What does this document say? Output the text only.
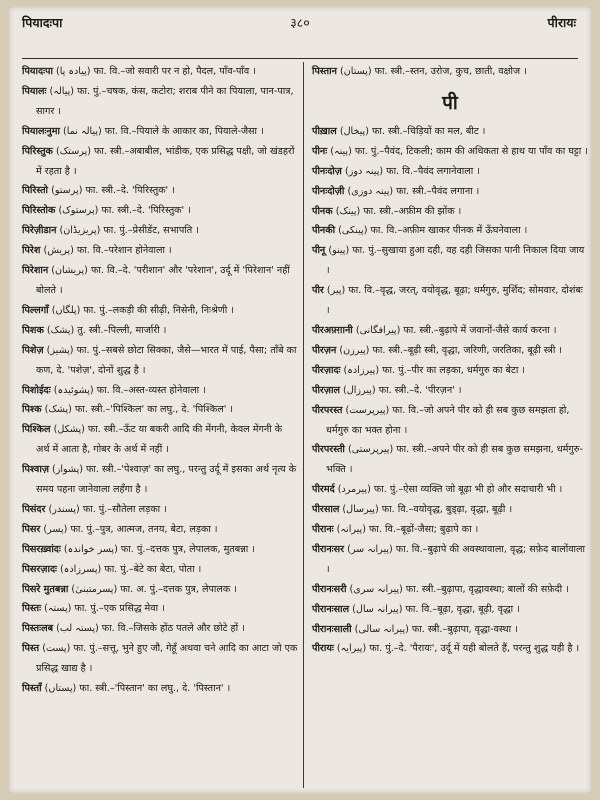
पियादःपा	३८०	पीरायः
पियादःपा (پیادہ پا) फा. वि.–जो सवारी पर न हो, पैदल, पाँव-पाँव ।
पियालः (پیالہ) फा. पुं.–चषक, कंस, कटोरा; शराब पीने का पियाला, पान-पात्र, सागर ।
पियालःनुमा (پیالہ نما) फा. वि.–पियाले के आकार का, पियाले-जैसा ।
पिरिस्तुक (پرستک) फा. स्त्री.–अबाबील, भांडीक, एक प्रसिद्ध पक्षी, जो खंडहरों में रहता है ।
पिरिस्तो (پرستو) फा. स्त्री.–दे. 'पिरिस्तुक' ।
पिरिस्तोक (پرستوک) फा. स्त्री.–दे. 'पिरिस्तुक' ।
पिरेज़ीडान (پریزیڈان) फा. पुं.–प्रेसीडेंट, सभापति ।
पिरेश (پریش) फा. वि.–परेशान होनेवाला ।
पिरेशान (پریشان) फा. वि.–दे. 'परीशान' और 'परेशान', उर्दू में 'पिरेशान' नहीं बोलते ।
पिल्लगाँ (پلگاں) फा. पुं.–लकड़ी की सीढ़ी, निसेनी, निःश्रेणी ।
पिशक (پشک) तु. स्त्री.–पिल्ली, मार्जारी ।
पिशेज़ (پشیز) फा. पुं.–सबसे छोटा सिक्का, जैसे—भारत में पाई, पैसा; ताँबे का कण, दे. 'पशेज़', दोनों शुद्ध है ।
पिशोईदः (پشوئیدہ) फा. वि.–अस्त-व्यस्त होनेवाला ।
पिश्क (پشک) फा. स्त्री.–'पिश्किल' का लघु., दे. 'पिश्किल' ।
पिश्किल (پشکل) फा. स्त्री.–ऊँट या बकरी आदि की मेंगनी, केवल मेंगनी के अर्थ में आता है, गोबर के अर्थ में नहीं ।
पिश्वाज़ (پشواز) फा. स्त्री.–'पेश्वाज़' का लघु., परन्तु उर्दू में इसका अर्थ नृत्य के समय पहना जानेवाला लहँगा है ।
पिसंदर (پسندر) फा. पुं.–सौतेला लड़का ।
पिसर (پسر) फा. पुं.–पुत्र, आत्मज, तनय, बेटा, लड़का ।
पिसरख़्वांदः (پسر خواندہ) फा. पुं.–दत्तक पुत्र, लेपालक, मुतबन्ना ।
पिसरज़ादः (پسرزادہ) फा. पुं.–बेटे का बेटा, पोता ।
पिसरे मुतबन्ना (پسرمتبنیٰ) फा. अ. पुं.–दत्तक पुत्र, लेपालक ।
पिस्तः (پستہ) फा. पुं.–एक प्रसिद्ध मेवा ।
पिस्तःलब (پستہ لب) फा. वि.–जिसके होंठ पतले और छोटे हों ।
पिस्त (پست) फा. पुं.–सत्तू, भुने हुए जौ, गेहूँ अथवा चने आदि का आटा जो एक प्रसिद्ध खाद्य है ।
पिस्ताँ (پستاں) फा. स्त्री.–'पिस्तान' का लघु., दे. 'पिस्तान' ।
पिस्तान (پستان) फा. स्त्री.–स्तन, उरोज, कुच, छाती, वक्षोज ।
पी
पीख़ाल (پیخال) फा. स्त्री.–चिड़ियों का मल, बीट ।
पीनः (پینہ) फा. पुं.–पैवंद, टिकली; काम की अधिकता से हाथ या पाँव का घट्टा ।
पीनःदोज़ (پینہ دوز) फा. वि.–पैवंद लगानेवाला ।
पीनःदोज़ी (پینہ دوزی) फा. स्त्री.–पैवंद लगाना ।
पीनक (پینک) फा. स्त्री.–अफ़ीम की झोंक ।
पीनकी (پینکی) फा. वि.–अफ़ीम खाकर पीनक में ऊँघनेवाला ।
पीनू (پینو) फा. पुं.–सुखाया हुआ दही, वह दही जिसका पानी निकाल दिया जाय ।
पीर (پیر) फा. वि.–वृद्ध, जरत्, वयोवृद्ध, बूढ़ा; धर्मगुरु, मुर्शिद; सोमवार, दोशंबः ।
पीरअफ़्ग़ानी (پیرافگانی) फा. स्त्री.–बुढ़ापे में जवानों-जैसे कार्य करना ।
पीरज़न (پیرزن) फा. स्त्री.–बूढ़ी स्त्री, वृद्धा, जरिणी, जरतिका, बूढ़ी स्त्री ।
पीरज़ादः (پیرزادہ) फा. पुं.–पीर का लड़का, धर्मगुरु का बेटा ।
पीरज़ाल (پیرزال) फा. स्त्री.–दे. 'पीरज़न' ।
पीरपरस्त (پیرپرست) फा. वि.–जो अपने पीर को ही सब कुछ समझता हो, धर्मगुरु का भक्त होना ।
पीरपरस्ती (پیرپرستی) फा. स्त्री.–अपने पीर को ही सब कुछ समझना, धर्मगुरु-भक्ति ।
पीरमर्द (پیرمرد) फा. पुं.–ऐसा व्यक्ति जो बूढ़ा भी हो और सदाचारी भी ।
पीरसाल (پیرسال) फा. वि.–वयोवृद्ध, बुड्ढ़ा, वृद्धा, बूढ़ी ।
पीरानः (پیرانہ) फा. वि.–बूढ़ों-जैसा; बुढ़ापे का ।
पीरानःसर (پیرانہ سر) फा. वि.–बुढ़ापे की अवस्थावाला, वृद्ध; सफ़ेद बालोंवाला ।
पीरानःसरी (پیرانہ سری) फा. स्त्री.–बुढ़ापा, वृद्धावस्था; बालों की सफ़ेदी ।
पीरानःसाल (پیرانہ سال) फा. वि.–बूढ़ा, वृद्धा, बूढ़ी, वृद्धा ।
पीरानःसाली (پیرانہ سالی) फा. स्त्री.–बुढ़ापा, वृद्धा-वस्था ।
पीरायः (پیرایہ) फा. पुं.–दे. 'पैरायः', उर्दू में यही बोलते हैं, परन्तु शुद्ध यही है ।
